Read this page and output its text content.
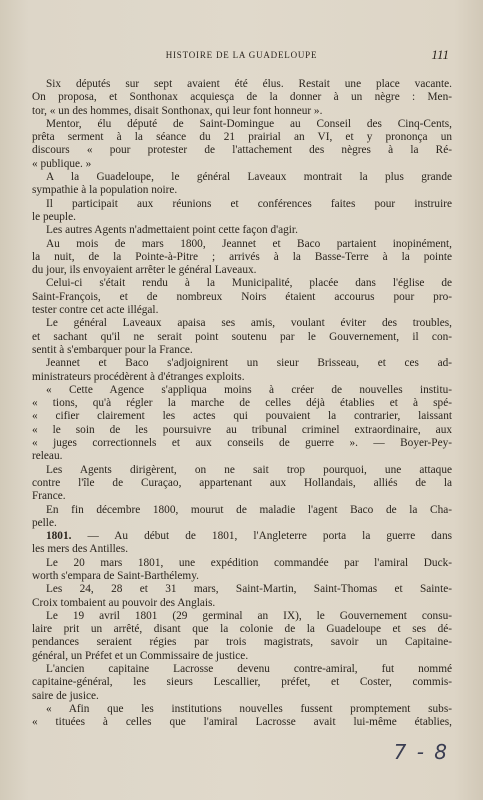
HISTOIRE DE LA GUADELOUPE	111
Six députés sur sept avaient été élus. Restait une place vacante.
On proposa, et Sonthonax acquiesça de la donner à un nègre : Men-
tor, « un des hommes, disait Sonthonax, qui leur font honneur ».
Mentor, élu député de Saint-Domingue au Conseil des Cinq-Cents,
prêta serment à la séance du 21 prairial an VI, et y prononça un
discours « pour protester de l'attachement des nègres à la Ré-
« publique. »
A la Guadeloupe, le général Laveaux montrait la plus grande
sympathie à la population noire.
Il participait aux réunions et conférences faites pour instruire
le peuple.
Les autres Agents n'admettaient point cette façon d'agir.
Au mois de mars 1800, Jeannet et Baco partaient inopinément,
la nuit, de la Pointe-à-Pitre ; arrivés à la Basse-Terre à la pointe
du jour, ils envoyaient arrêter le général Laveaux.
Celui-ci s'était rendu à la Municipalité, placée dans l'église de
Saint-François, et de nombreux Noirs étaient accourus pour pro-
tester contre cet acte illégal.
Le général Laveaux apaisa ses amis, voulant éviter des troubles,
et sachant qu'il ne serait point soutenu par le Gouvernement, il con-
sentit à s'embarquer pour la France.
Jeannet et Baco s'adjoignirent un sieur Brisseau, et ces ad-
ministrateurs procédèrent à d'étranges exploits.
« Cette Agence s'appliqua moins à créer de nouvelles institu-
« tions, qu'à régler la marche de celles déjà établies et à spé-
« cifier clairement les actes qui pouvaient la contrarier, laissant
« le soin de les poursuivre au tribunal criminel extraordinaire, aux
« juges correctionnels et aux conseils de guerre ». — Boyer-Pey-
releau.
Les Agents dirigèrent, on ne sait trop pourquoi, une attaque
contre l'île de Curaçao, appartenant aux Hollandais, alliés de la
France.
En fin décembre 1800, mourut de maladie l'agent Baco de la Cha-
pelle.
1801. — Au début de 1801, l'Angleterre porta la guerre dans
les mers des Antilles.
Le 20 mars 1801, une expédition commandée par l'amiral Duck-
worth s'empara de Saint-Barthélemy.
Les 24, 28 et 31 mars, Saint-Martin, Saint-Thomas et Sainte-
Croix tombaient au pouvoir des Anglais.
Le 19 avril 1801 (29 germinal an IX), le Gouvernement consu-
laire prit un arrêté, disant que la colonie de la Guadeloupe et ses dé-
pendances seraient régies par trois magistrats, savoir un Capitaine-
général, un Préfet et un Commissaire de justice.
L'ancien capitaine Lacrosse devenu contre-amiral, fut nommé
capitaine-général, les sieurs Lescallier, préfet, et Coster, commis-
saire de jusice.
« Afin que les institutions nouvelles fussent promptement subs-
« tituées à celles que l'amiral Lacrosse avait lui-même établies,
7 - 8
